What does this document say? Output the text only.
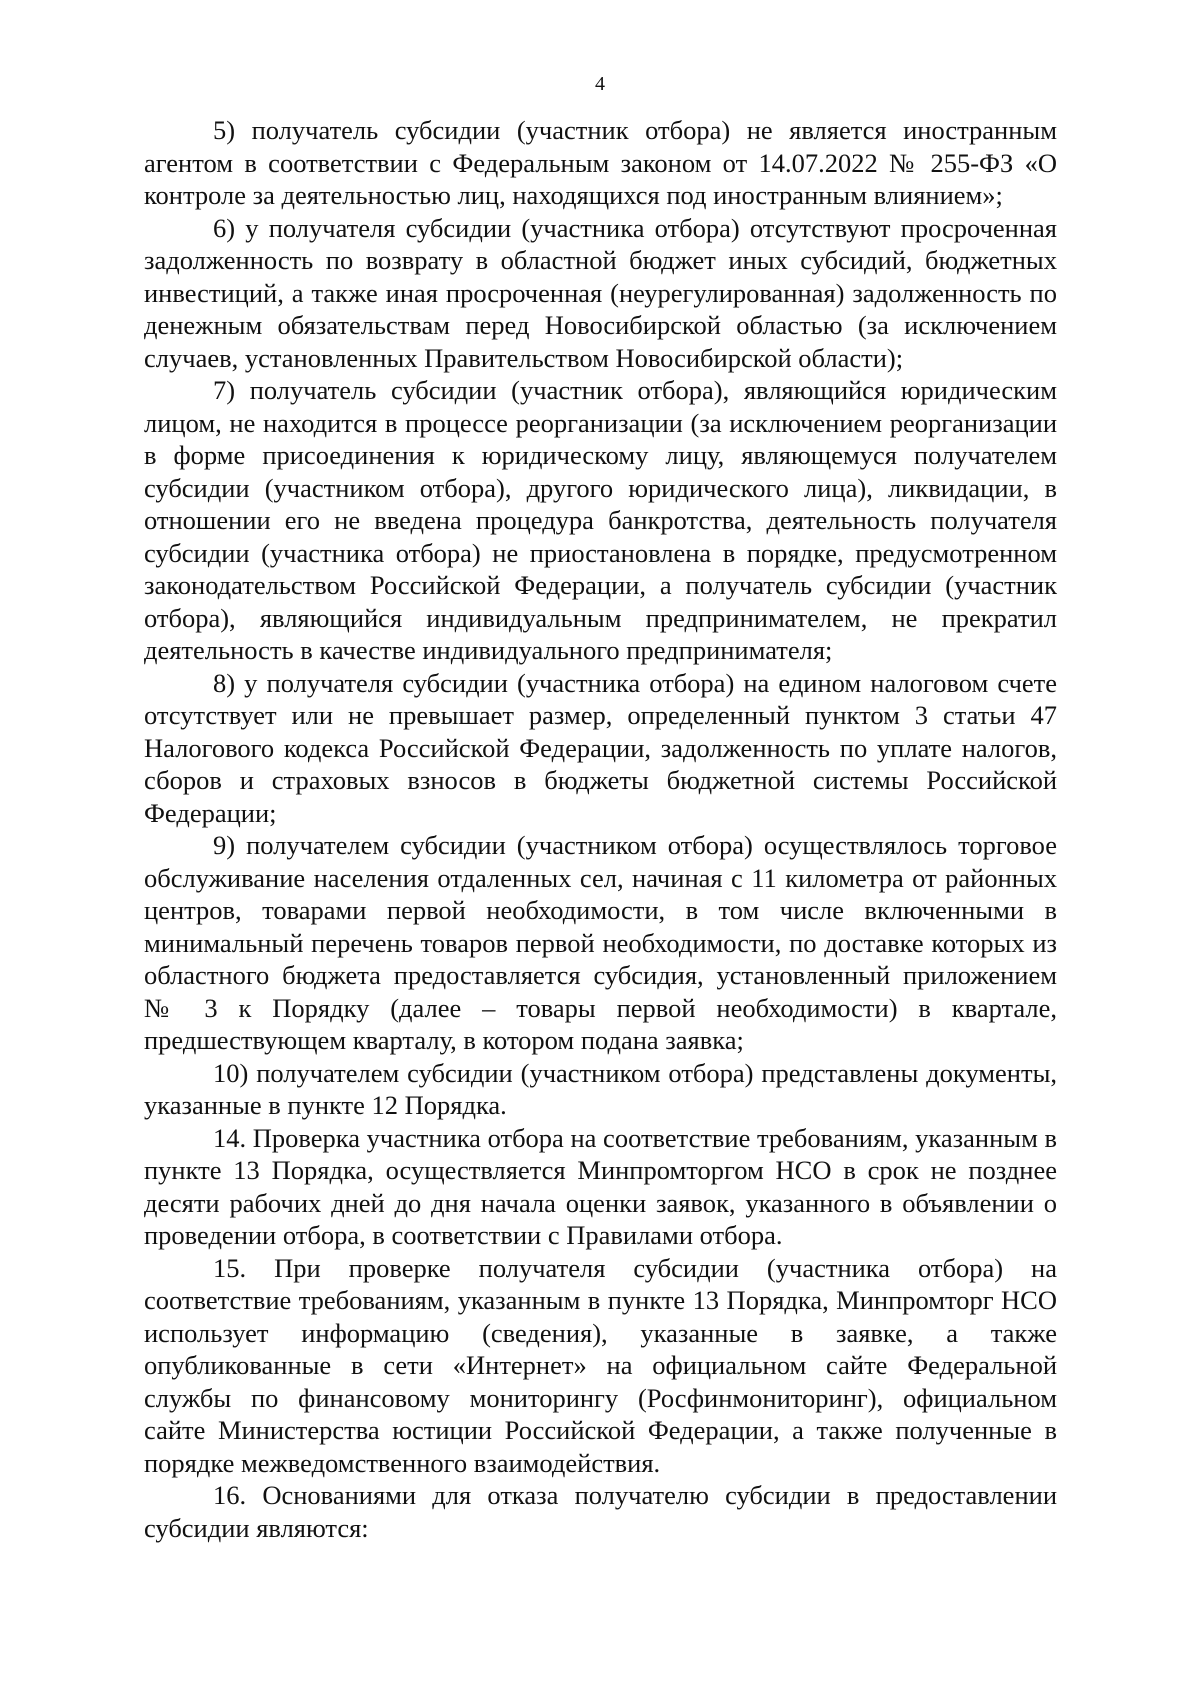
4

5) получатель субсидии (участник отбора) не является иностранным агентом в соответствии с Федеральным законом от 14.07.2022 № 255-ФЗ «О контроле за деятельностью лиц, находящихся под иностранным влиянием»;

6) у получателя субсидии (участника отбора) отсутствуют просроченная задолженность по возврату в областной бюджет иных субсидий, бюджетных инвестиций, а также иная просроченная (неурегулированная) задолженность по денежным обязательствам перед Новосибирской областью (за исключением случаев, установленных Правительством Новосибирской области);

7) получатель субсидии (участник отбора), являющийся юридическим лицом, не находится в процессе реорганизации (за исключением реорганизации в форме присоединения к юридическому лицу, являющемуся получателем субсидии (участником отбора), другого юридического лица), ликвидации, в отношении его не введена процедура банкротства, деятельность получателя субсидии (участника отбора) не приостановлена в порядке, предусмотренном законодательством Российской Федерации, а получатель субсидии (участник отбора), являющийся индивидуальным предпринимателем, не прекратил деятельность в качестве индивидуального предпринимателя;

8) у получателя субсидии (участника отбора) на едином налоговом счете отсутствует или не превышает размер, определенный пунктом 3 статьи 47 Налогового кодекса Российской Федерации, задолженность по уплате налогов, сборов и страховых взносов в бюджеты бюджетной системы Российской Федерации;

9) получателем субсидии (участником отбора) осуществлялось торговое обслуживание населения отдаленных сел, начиная с 11 километра от районных центров, товарами первой необходимости, в том числе включенными в минимальный перечень товаров первой необходимости, по доставке которых из областного бюджета предоставляется субсидия, установленный приложением № 3 к Порядку (далее – товары первой необходимости) в квартале, предшествующем кварталу, в котором подана заявка;

10) получателем субсидии (участником отбора) представлены документы, указанные в пункте 12 Порядка.

14. Проверка участника отбора на соответствие требованиям, указанным в пункте 13 Порядка, осуществляется Минпромторгом НСО в срок не позднее десяти рабочих дней до дня начала оценки заявок, указанного в объявлении о проведении отбора, в соответствии с Правилами отбора.

15. При проверке получателя субсидии (участника отбора) на соответствие требованиям, указанным в пункте 13 Порядка, Минпромторг НСО использует информацию (сведения), указанные в заявке, а также опубликованные в сети «Интернет» на официальном сайте Федеральной службы по финансовому мониторингу (Росфинмониторинг), официальном сайте Министерства юстиции Российской Федерации, а также полученные в порядке межведомственного взаимодействия.

16. Основаниями для отказа получателю субсидии в предоставлении субсидии являются:
